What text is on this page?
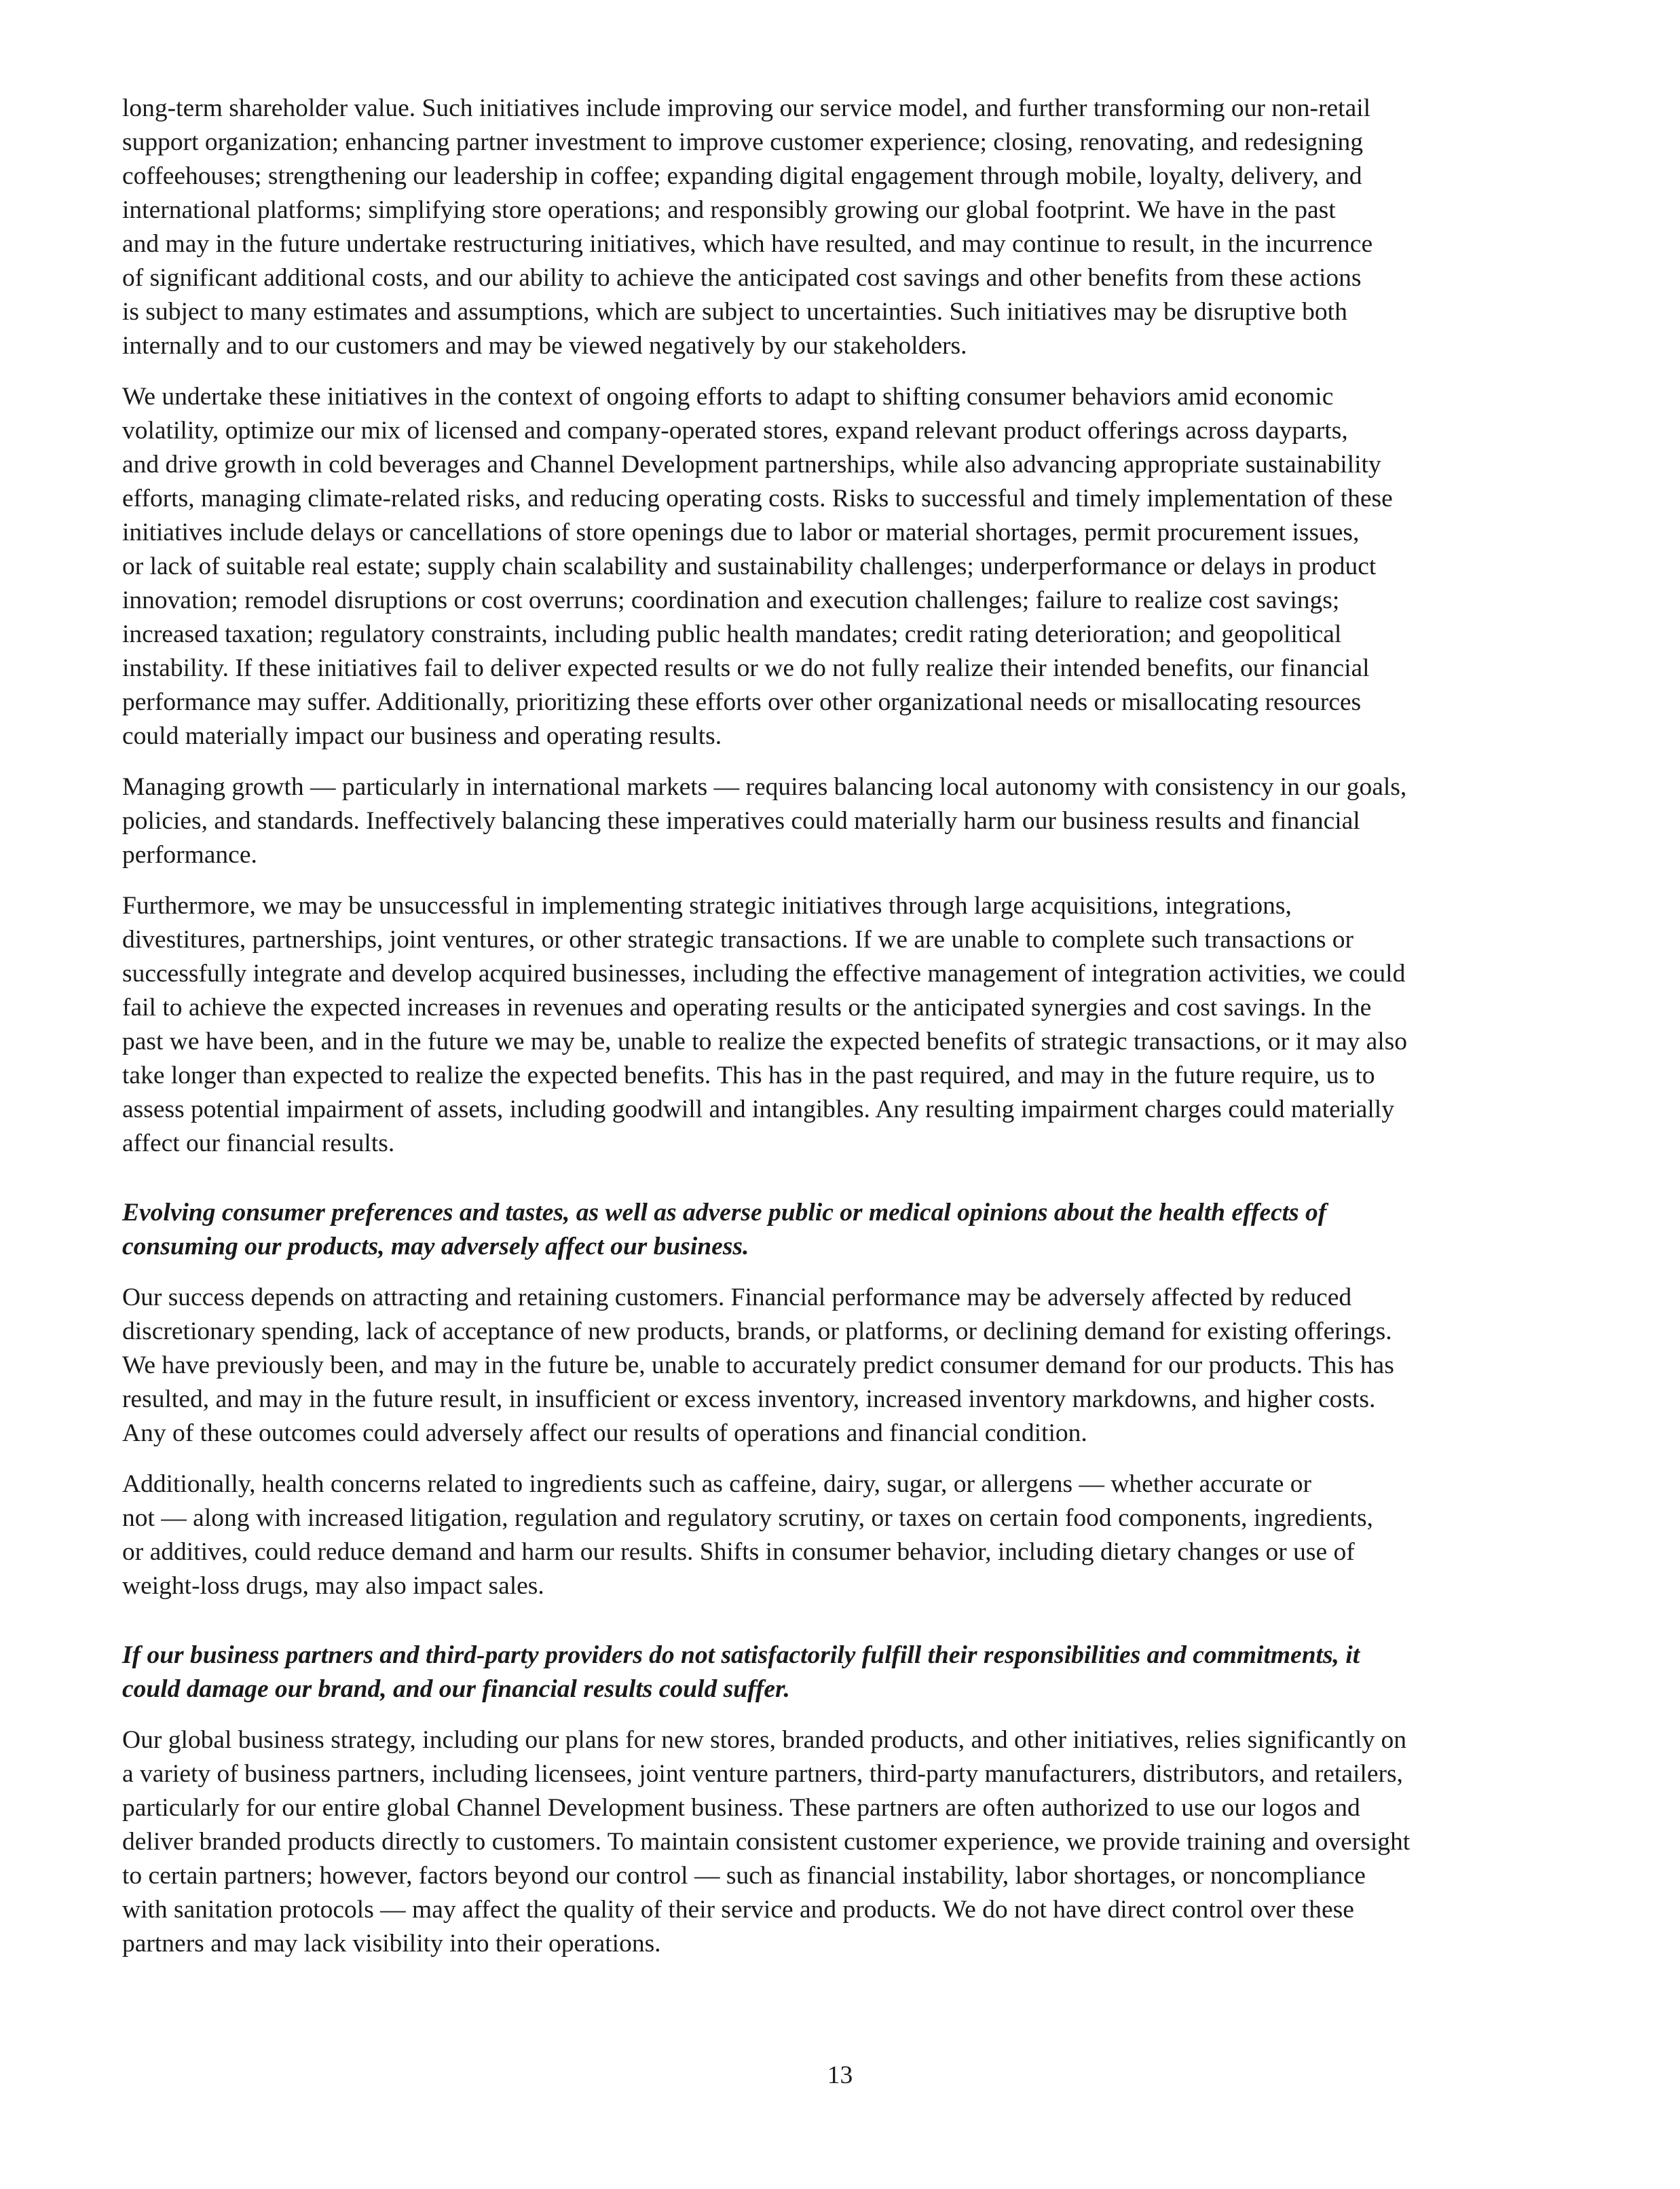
long-term shareholder value. Such initiatives include improving our service model, and further transforming our non-retail
support organization; enhancing partner investment to improve customer experience; closing, renovating, and redesigning
coffeehouses; strengthening our leadership in coffee; expanding digital engagement through mobile, loyalty, delivery, and
international platforms; simplifying store operations; and responsibly growing our global footprint. We have in the past
and may in the future undertake restructuring initiatives, which have resulted, and may continue to result, in the incurrence
of significant additional costs, and our ability to achieve the anticipated cost savings and other benefits from these actions
is subject to many estimates and assumptions, which are subject to uncertainties. Such initiatives may be disruptive both
internally and to our customers and may be viewed negatively by our stakeholders.

We undertake these initiatives in the context of ongoing efforts to adapt to shifting consumer behaviors amid economic
volatility, optimize our mix of licensed and company-operated stores, expand relevant product offerings across dayparts,
and drive growth in cold beverages and Channel Development partnerships, while also advancing appropriate sustainability
efforts, managing climate-related risks, and reducing operating costs. Risks to successful and timely implementation of these
initiatives include delays or cancellations of store openings due to labor or material shortages, permit procurement issues,
or lack of suitable real estate; supply chain scalability and sustainability challenges; underperformance or delays in product
innovation; remodel disruptions or cost overruns; coordination and execution challenges; failure to realize cost savings;
increased taxation; regulatory constraints, including public health mandates; credit rating deterioration; and geopolitical
instability. If these initiatives fail to deliver expected results or we do not fully realize their intended benefits, our financial
performance may suffer. Additionally, prioritizing these efforts over other organizational needs or misallocating resources
could materially impact our business and operating results.

Managing growth — particularly in international markets — requires balancing local autonomy with consistency in our goals,
policies, and standards. Ineffectively balancing these imperatives could materially harm our business results and financial
performance.

Furthermore, we may be unsuccessful in implementing strategic initiatives through large acquisitions, integrations,
divestitures, partnerships, joint ventures, or other strategic transactions. If we are unable to complete such transactions or
successfully integrate and develop acquired businesses, including the effective management of integration activities, we could
fail to achieve the expected increases in revenues and operating results or the anticipated synergies and cost savings. In the
past we have been, and in the future we may be, unable to realize the expected benefits of strategic transactions, or it may also
take longer than expected to realize the expected benefits. This has in the past required, and may in the future require, us to
assess potential impairment of assets, including goodwill and intangibles. Any resulting impairment charges could materially
affect our financial results.

Evolving consumer preferences and tastes, as well as adverse public or medical opinions about the health effects of
consuming our products, may adversely affect our business.

Our success depends on attracting and retaining customers. Financial performance may be adversely affected by reduced
discretionary spending, lack of acceptance of new products, brands, or platforms, or declining demand for existing offerings.
We have previously been, and may in the future be, unable to accurately predict consumer demand for our products. This has
resulted, and may in the future result, in insufficient or excess inventory, increased inventory markdowns, and higher costs.
Any of these outcomes could adversely affect our results of operations and financial condition.

Additionally, health concerns related to ingredients such as caffeine, dairy, sugar, or allergens — whether accurate or
not — along with increased litigation, regulation and regulatory scrutiny, or taxes on certain food components, ingredients,
or additives, could reduce demand and harm our results. Shifts in consumer behavior, including dietary changes or use of
weight-loss drugs, may also impact sales.

If our business partners and third-party providers do not satisfactorily fulfill their responsibilities and commitments, it
could damage our brand, and our financial results could suffer.

Our global business strategy, including our plans for new stores, branded products, and other initiatives, relies significantly on
a variety of business partners, including licensees, joint venture partners, third-party manufacturers, distributors, and retailers,
particularly for our entire global Channel Development business. These partners are often authorized to use our logos and
deliver branded products directly to customers. To maintain consistent customer experience, we provide training and oversight
to certain partners; however, factors beyond our control — such as financial instability, labor shortages, or noncompliance
with sanitation protocols — may affect the quality of their service and products. We do not have direct control over these
partners and may lack visibility into their operations.

13
